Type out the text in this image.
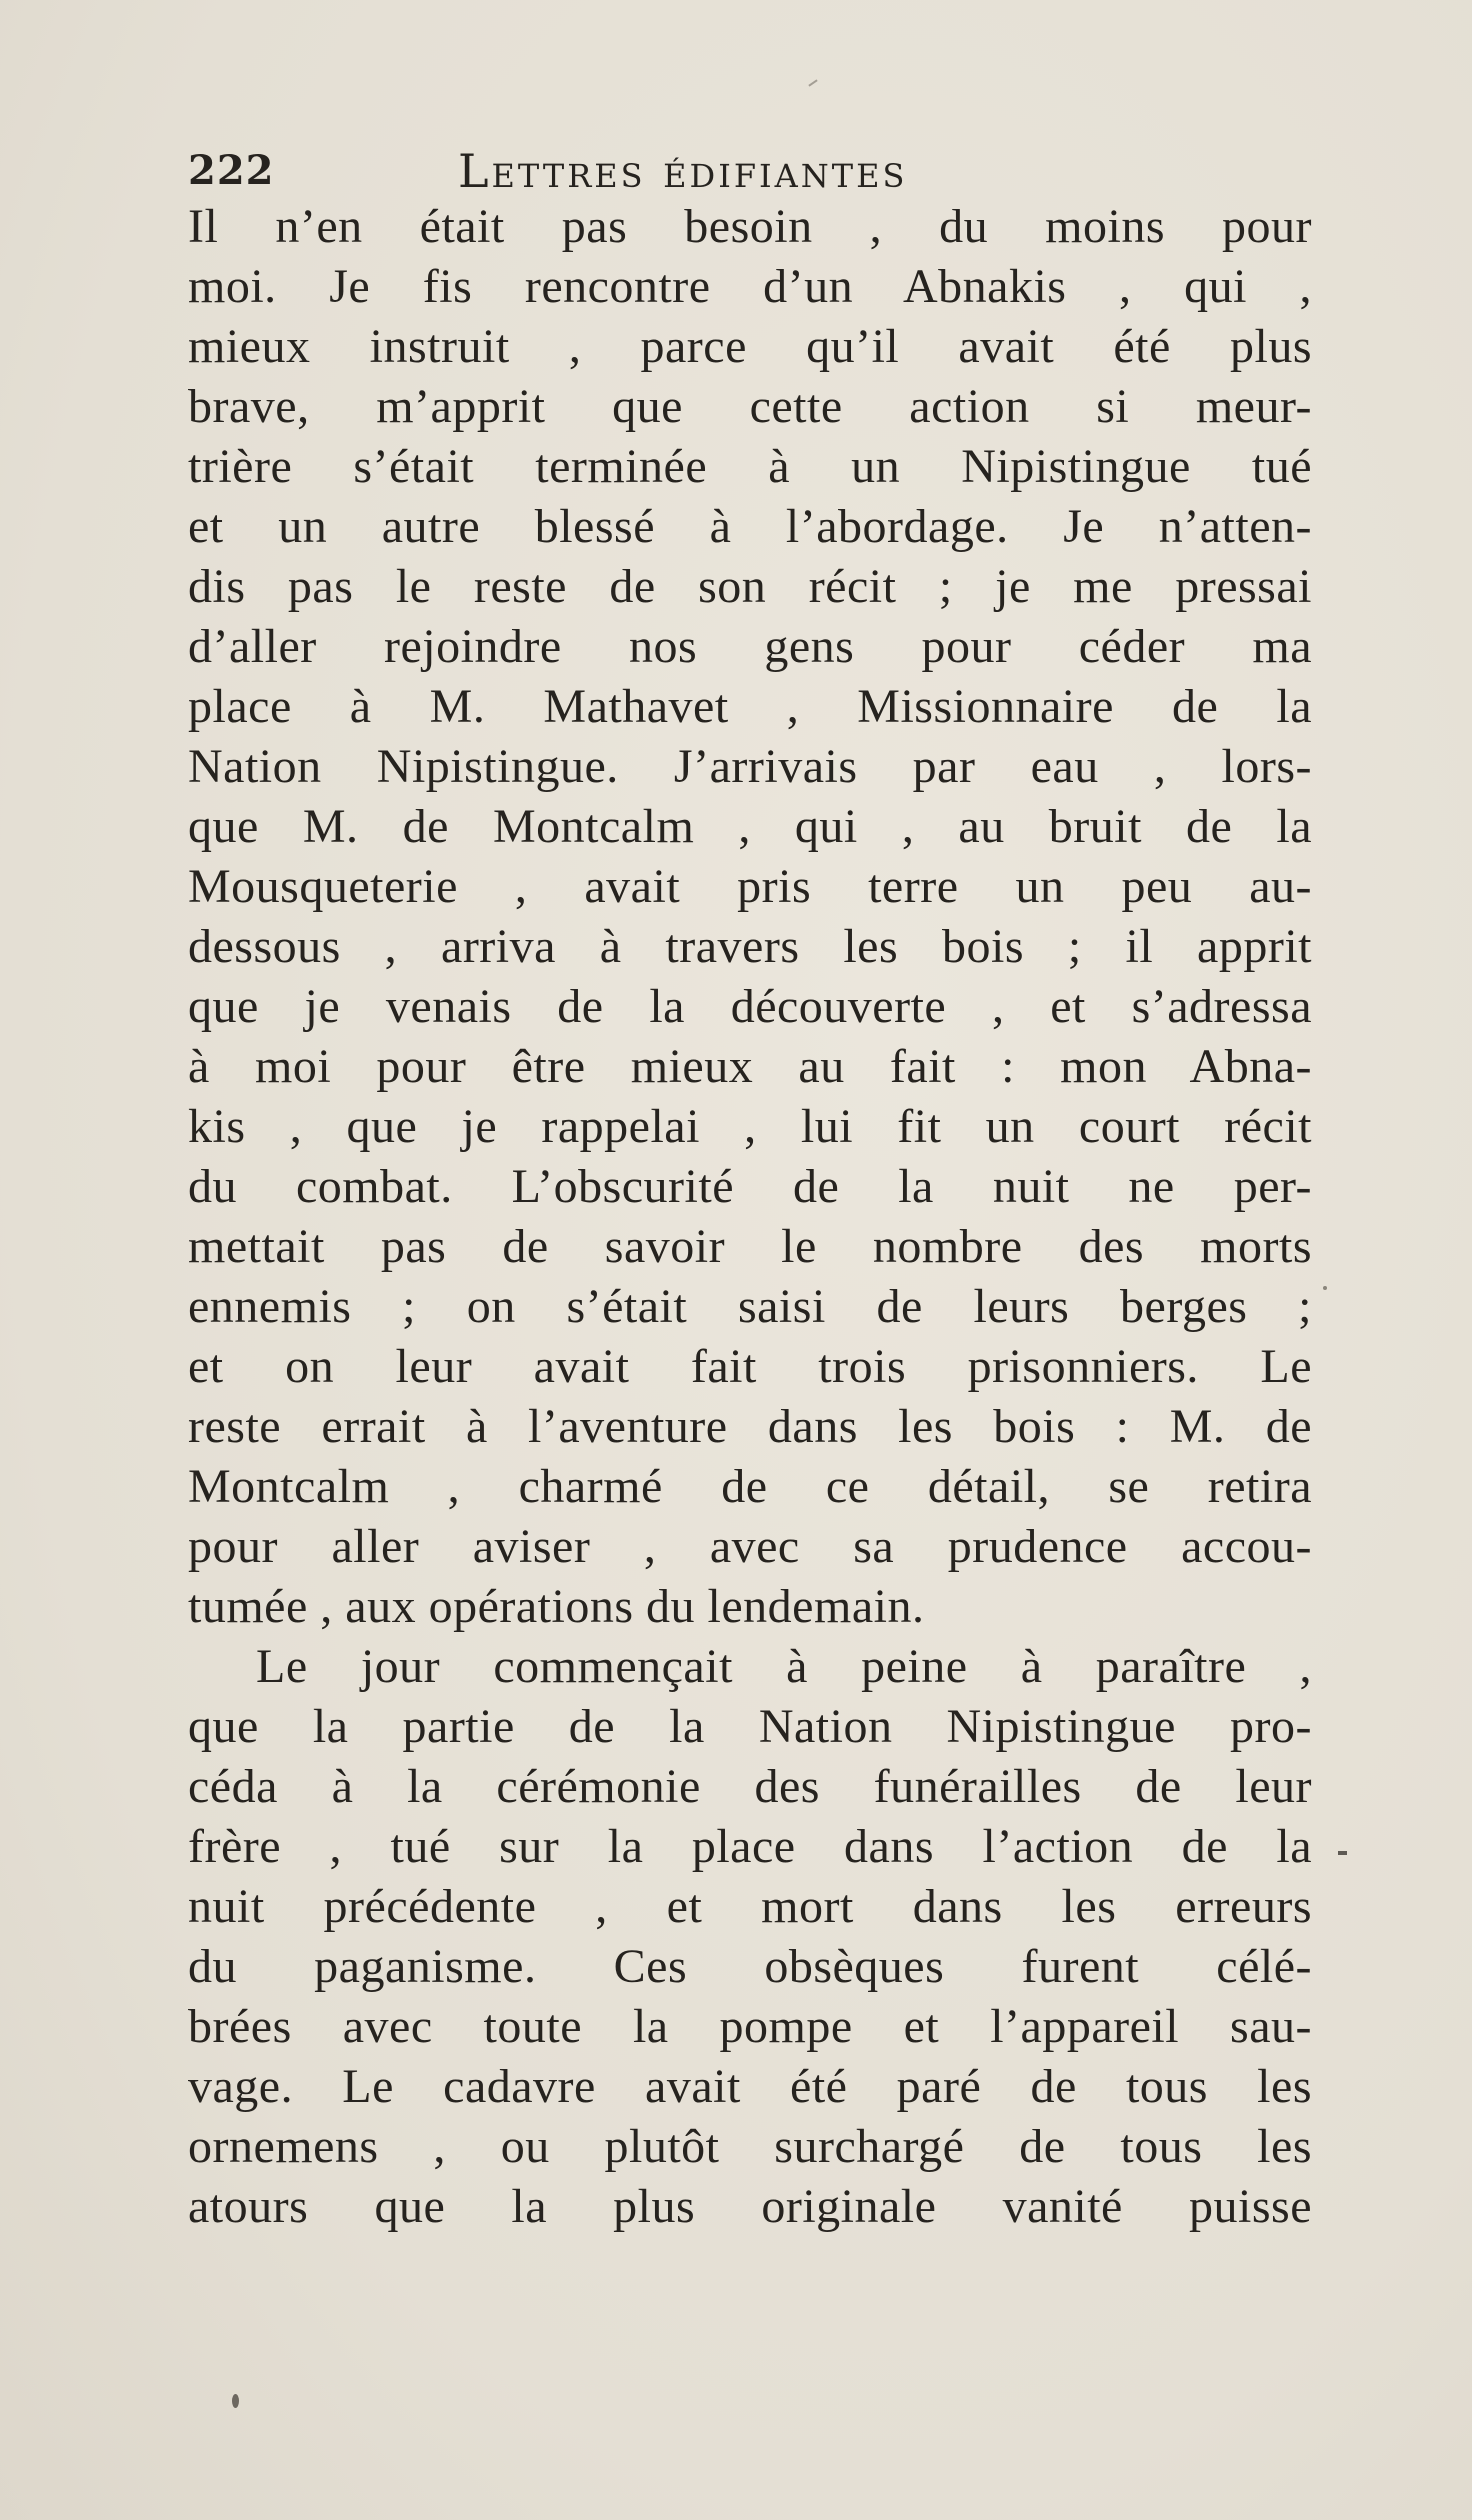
222	Lettres édifiantes
Il n’en était pas besoin , du moins pour
moi. Je fis rencontre d’un Abnakis , qui ,
mieux instruit , parce qu’il avait été plus
brave, m’apprit que cette action si meur-
trière s’était terminée à un Nipistingue tué
et un autre blessé à l’abordage. Je n’atten-
dis pas le reste de son récit ; je me pressai
d’aller rejoindre nos gens pour céder ma
place à M. Mathavet , Missionnaire de la
Nation Nipistingue. J’arrivais par eau , lors-
que M. de Montcalm , qui , au bruit de la
Mousqueterie , avait pris terre un peu au-
dessous , arriva à travers les bois ; il apprit
que je venais de la découverte , et s’adressa
à moi pour être mieux au fait : mon Abna-
kis , que je rappelai , lui fit un court récit
du combat. L’obscurité de la nuit ne per-
mettait pas de savoir le nombre des morts
ennemis ; on s’était saisi de leurs berges ;
et on leur avait fait trois prisonniers. Le
reste errait à l’aventure dans les bois : M. de
Montcalm , charmé de ce détail, se retira
pour aller aviser , avec sa prudence accou-
tumée , aux opérations du lendemain.
Le jour commençait à peine à paraître ,
que la partie de la Nation Nipistingue pro-
céda à la cérémonie des funérailles de leur
frère , tué sur la place dans l’action de la
nuit précédente , et mort dans les erreurs
du paganisme. Ces obsèques furent célé-
brées avec toute la pompe et l’appareil sau-
vage. Le cadavre avait été paré de tous les
ornemens , ou plutôt surchargé de tous les
atours que la plus originale vanité puisse
